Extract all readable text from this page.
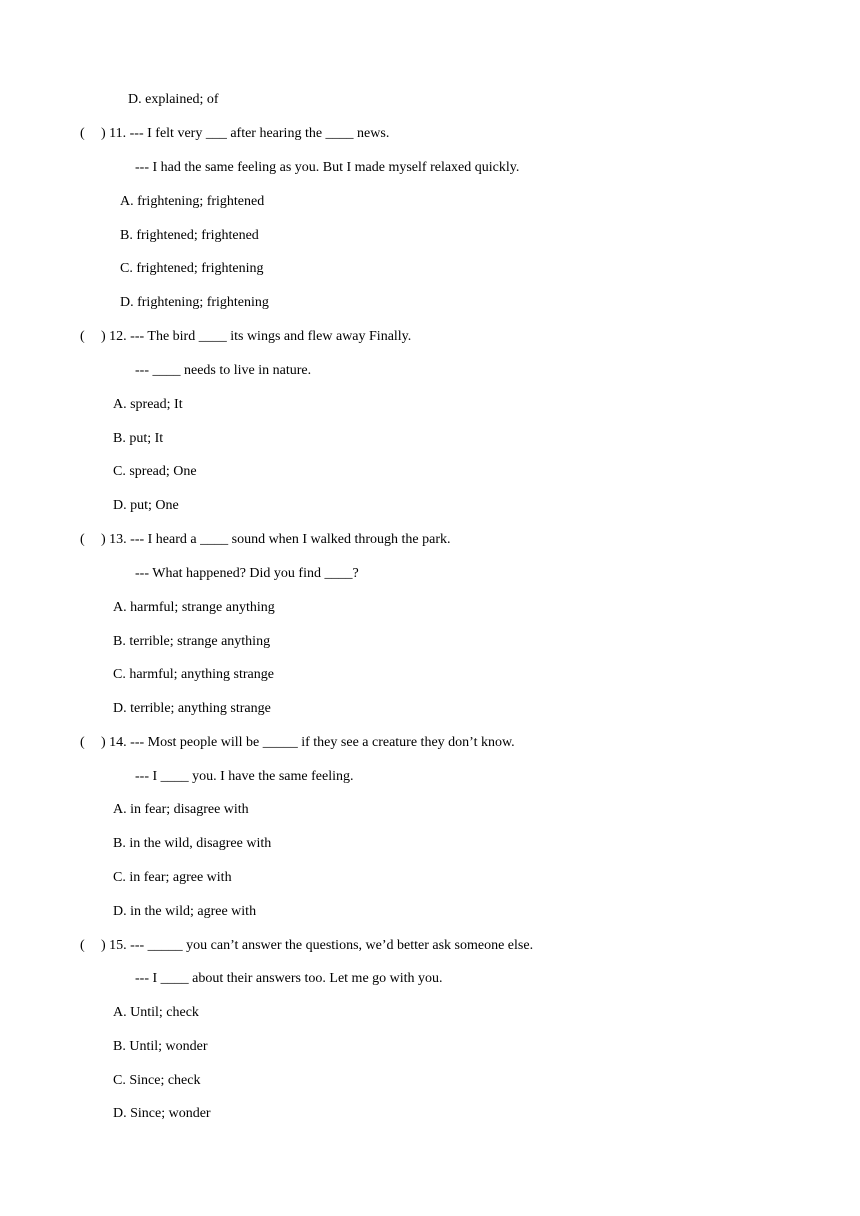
D. explained; of
( ) 11. --- I felt very ___ after hearing the ____ news.
--- I had the same feeling as you. But I made myself relaxed quickly.
A. frightening; frightened
B. frightened; frightened
C. frightened; frightening
D. frightening; frightening
( ) 12. --- The bird ____ its wings and flew away Finally.
--- ____ needs to live in nature.
A. spread; It
B. put; It
C. spread; One
D. put; One
( ) 13. --- I heard a ____ sound when I walked through the park.
--- What happened? Did you find ____?
A. harmful; strange anything
B. terrible; strange anything
C. harmful; anything strange
D. terrible; anything strange
( ) 14. --- Most people will be _____ if they see a creature they don’t know.
--- I ____ you. I have the same feeling.
A. in fear; disagree with
B. in the wild, disagree with
C. in fear; agree with
D. in the wild; agree with
( ) 15. --- _____ you can’t answer the questions, we’d better ask someone else.
--- I ____ about their answers too. Let me go with you.
A. Until; check
B. Until; wonder
C. Since; check
D. Since; wonder
